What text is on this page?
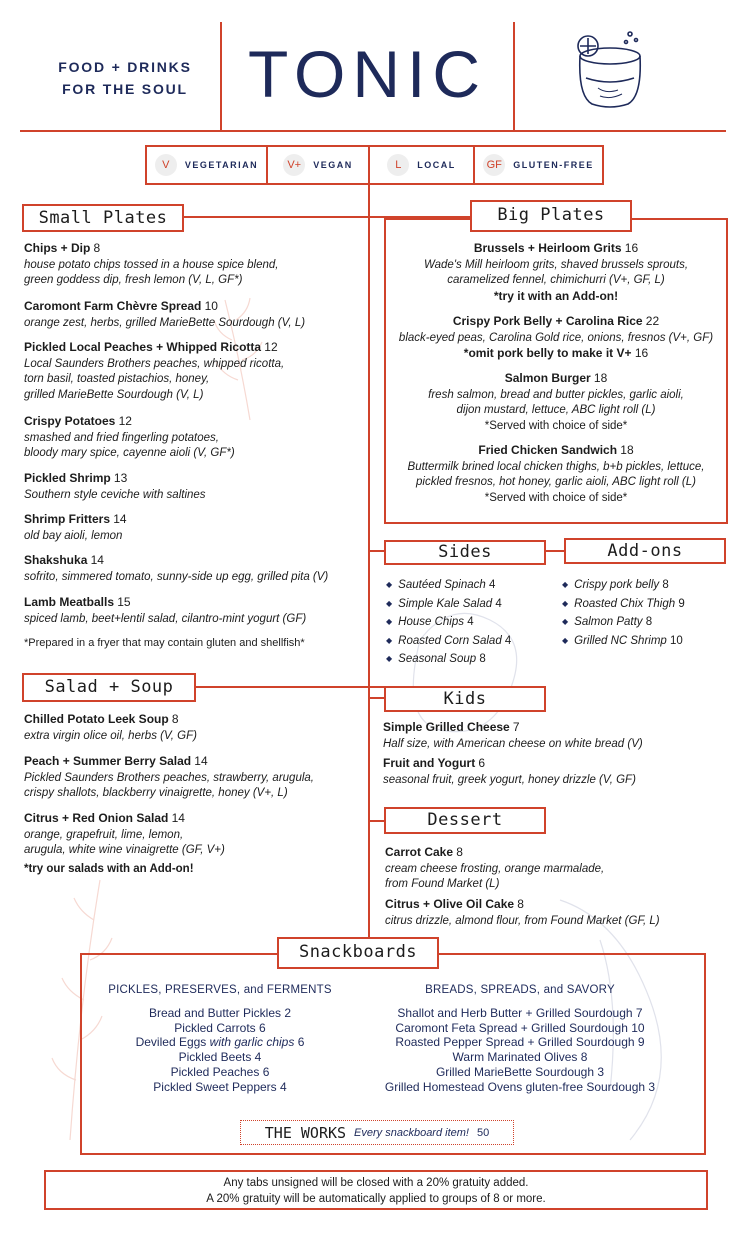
FOOD + DRINKS
FOR THE SOUL TONIC
V	VEGETARIAN	V+	VEGAN	L	LOCAL	GF	GLUTEN-FREE
Small Plates
Chips + Dip 8
house potato chips tossed in a house spice blend,
green goddess dip, fresh lemon (V, L, GF*)
Caromont Farm Chèvre Spread 10
orange zest, herbs, grilled MarieBette Sourdough (V, L)
Pickled Local Peaches + Whipped Ricotta 12
Local Saunders Brothers peaches, whipped ricotta,
torn basil, toasted pistachios, honey,
grilled MarieBette Sourdough (V, L)
Crispy Potatoes 12
smashed and fried fingerling potatoes,
bloody mary spice, cayenne aioli (V, GF*)
Pickled Shrimp 13
Southern style ceviche with saltines
Shrimp Fritters 14
old bay aioli, lemon
Shakshuka 14
sofrito, simmered tomato, sunny-side up egg, grilled pita (V)
Lamb Meatballs 15
spiced lamb, beet+lentil salad, cilantro-mint yogurt (GF)
*Prepared in a fryer that may contain gluten and shellfish*
Big Plates
Brussels + Heirloom Grits 16
Wade's Mill heirloom grits, shaved brussels sprouts,
caramelized fennel, chimichurri (V+, GF, L)
*try it with an Add-on!
Crispy Pork Belly + Carolina Rice 22
black-eyed peas, Carolina Gold rice, onions, fresnos (V+, GF)
*omit pork belly to make it V+ 16
Salmon Burger 18
fresh salmon, bread and butter pickles, garlic aioli,
dijon mustard, lettuce, ABC light roll (L)
*Served with choice of side*
Fried Chicken Sandwich 18
Buttermilk brined local chicken thighs, b+b pickles, lettuce,
pickled fresnos, hot honey, garlic aioli, ABC light roll (L)
*Served with choice of side*
Sides	Add-ons
◆ Sautéed Spinach 4
◆ Simple Kale Salad 4
◆ House Chips 4
◆ Roasted Corn Salad 4
◆ Seasonal Soup 8
◆ Crispy pork belly 8
◆ Roasted Chix Thigh 9
◆ Salmon Patty 8
◆ Grilled NC Shrimp 10
Salad + Soup
Chilled Potato Leek Soup 8
extra virgin olice oil, herbs (V, GF)
Peach + Summer Berry Salad 14
Pickled Saunders Brothers peaches, strawberry, arugula,
crispy shallots, blackberry vinaigrette, honey (V+, L)
Citrus + Red Onion Salad 14
orange, grapefruit, lime, lemon,
arugula, white wine vinaigrette (GF, V+)
*try our salads with an Add-on!
Kids
Simple Grilled Cheese 7
Half size, with American cheese on white bread (V)
Fruit and Yogurt 6
seasonal fruit, greek yogurt, honey drizzle (V, GF)
Dessert
Carrot Cake 8
cream cheese frosting, orange marmalade,
from Found Market (L)
Citrus + Olive Oil Cake 8
citrus drizzle, almond flour, from Found Market (GF, L)
Snackboards
PICKLES, PRESERVES, and FERMENTS
Bread and Butter Pickles 2
Pickled Carrots 6
Deviled Eggs with garlic chips 6
Pickled Beets 4
Pickled Peaches 6
Pickled Sweet Peppers 4
BREADS, SPREADS, and SAVORY
Shallot and Herb Butter + Grilled Sourdough 7
Caromont Feta Spread + Grilled Sourdough 10
Roasted Pepper Spread + Grilled Sourdough 9
Warm Marinated Olives 8
Grilled MarieBette Sourdough 3
Grilled Homestead Ovens gluten-free Sourdough 3
THE WORKS Every snackboard item! 50
Any tabs unsigned will be closed with a 20% gratuity added.
A 20% gratuity will be automatically applied to groups of 8 or more.
